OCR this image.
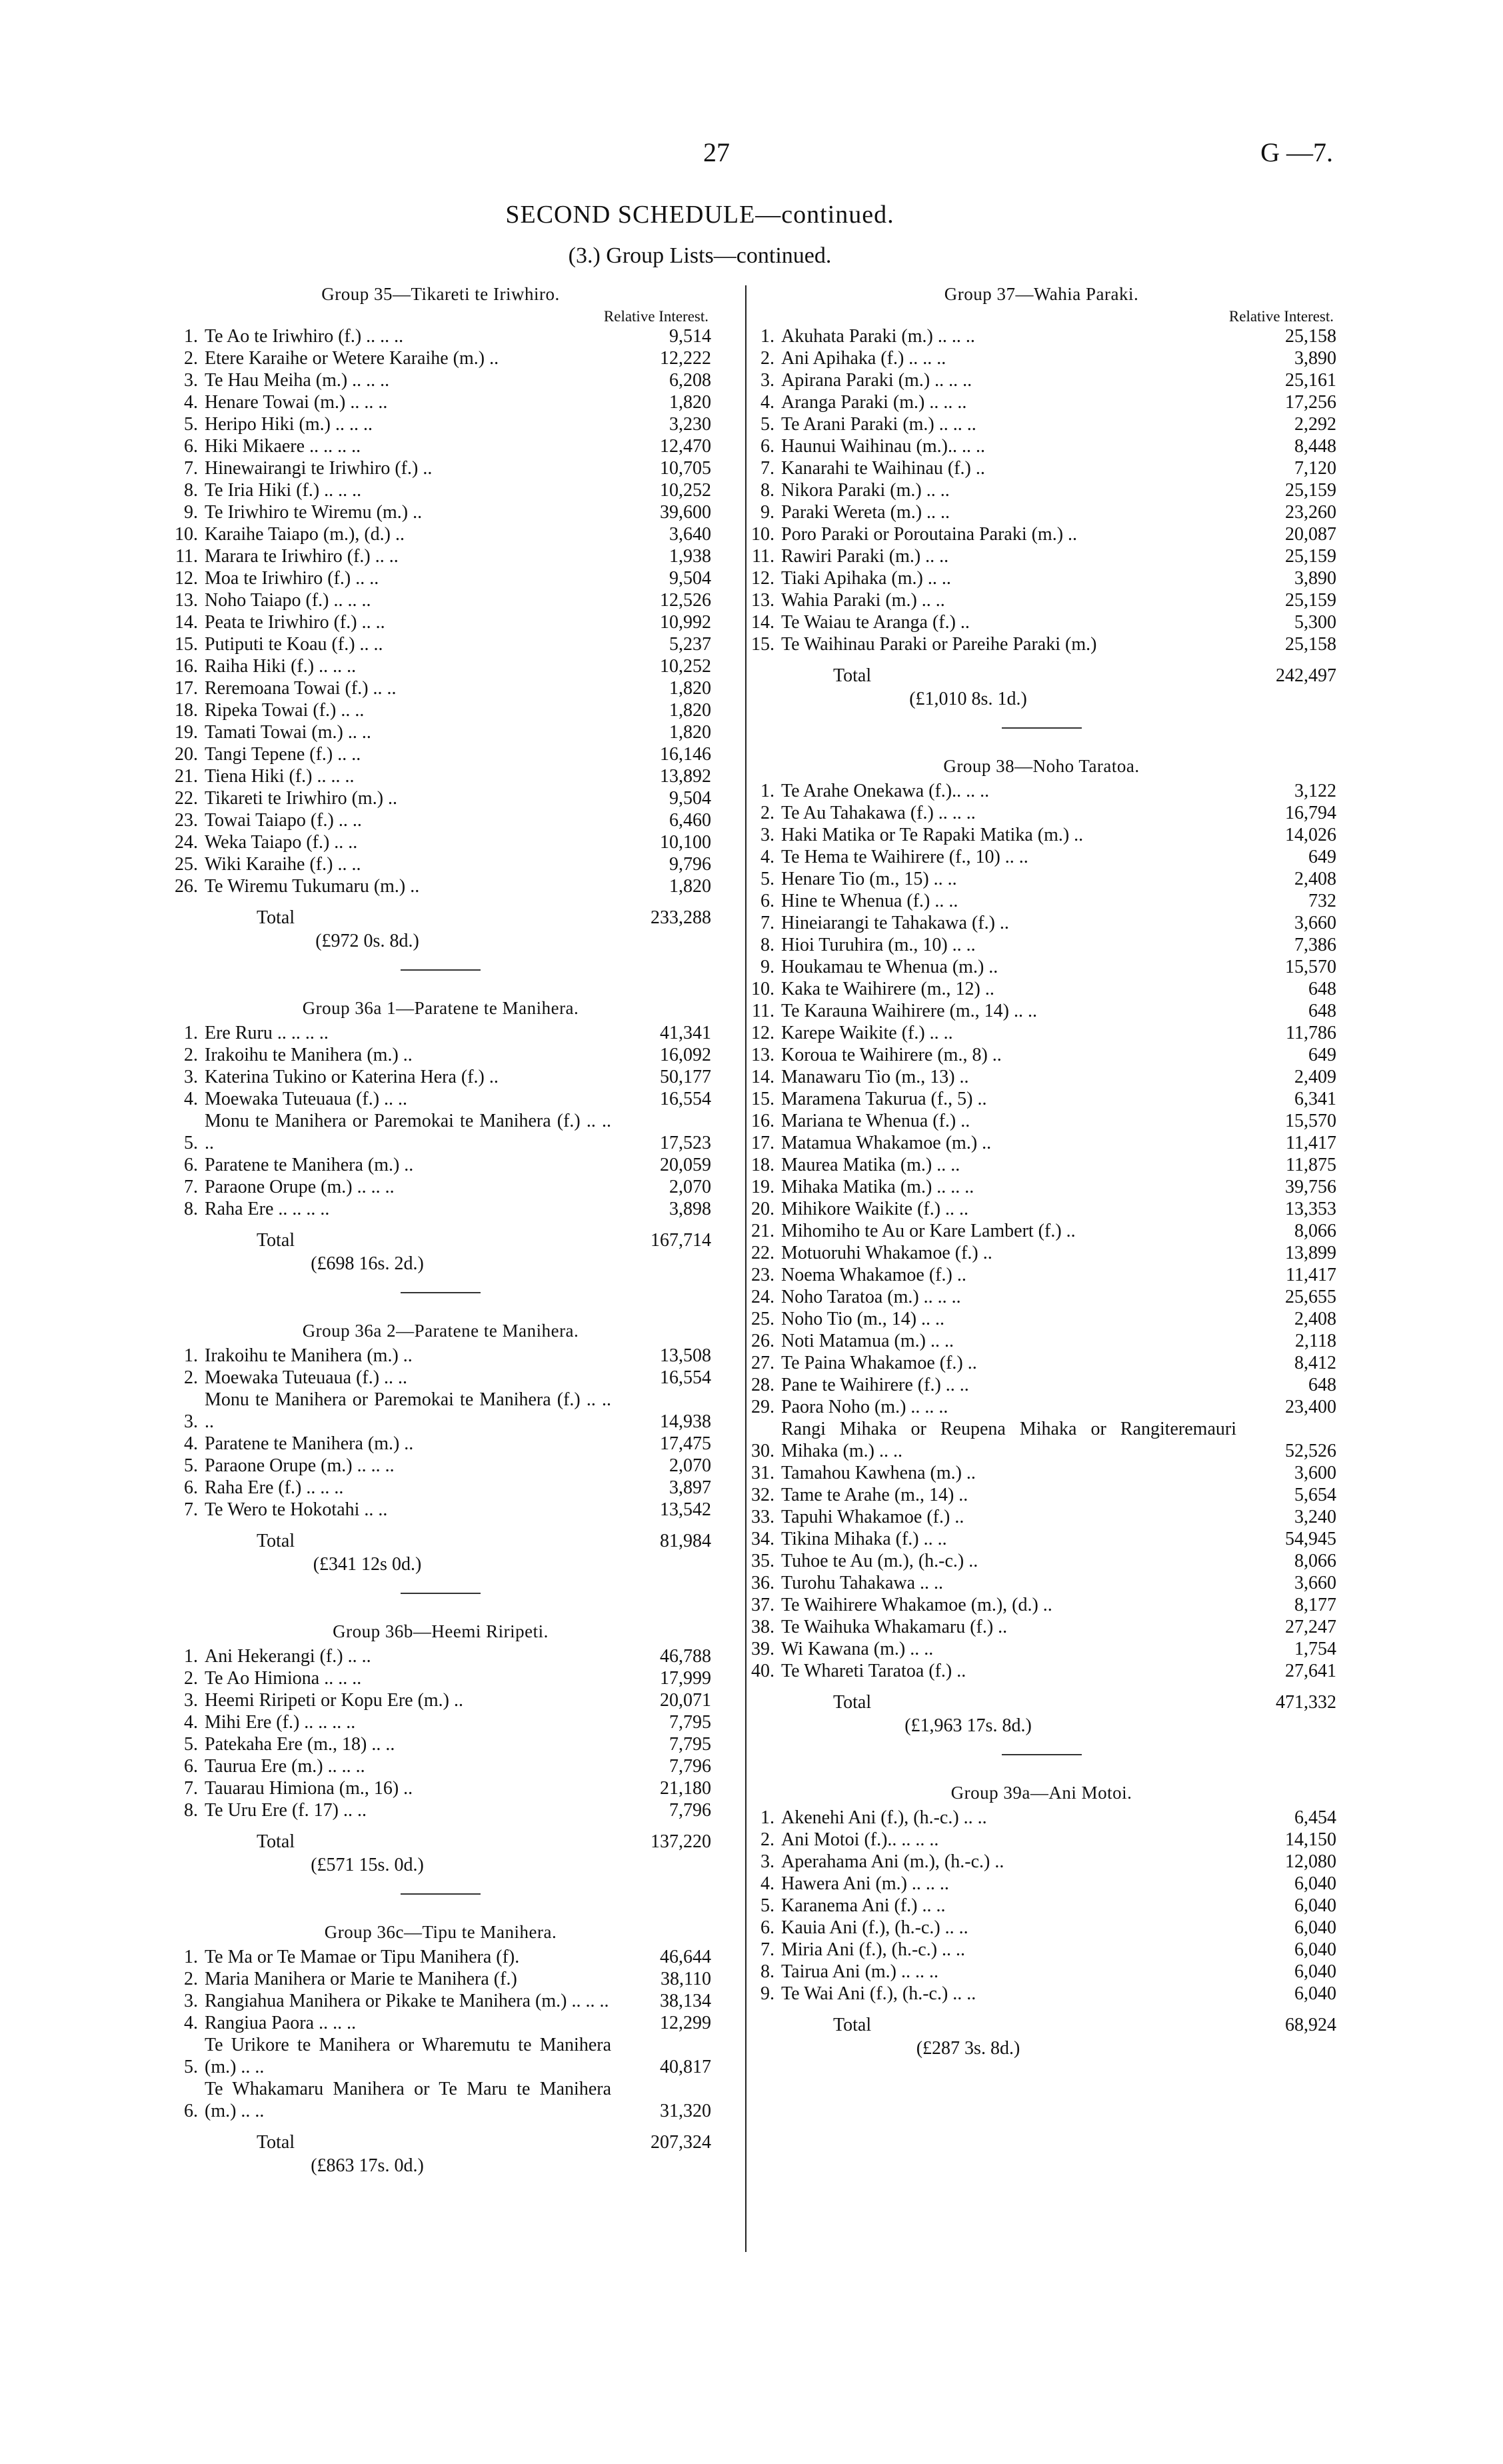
27	G —7.
SECOND SCHEDULE—continued.
(3.) Group Lists—continued.
Group 35—Tikareti te Iriwhiro.
Relative Interest.
1. Te Ao te Iriwhiro (f.) .. .. ..	9,514
2. Etere Karaihe or Wetere Karaihe (m.) ..	12,222
3. Te Hau Meiha (m.) .. .. ..	6,208
4. Henare Towai (m.) .. .. ..	1,820
5. Heripo Hiki (m.) .. .. ..	3,230
6. Hiki Mikaere .. .. .. ..	12,470
7. Hinewairangi te Iriwhiro (f.) ..	10,705
8. Te Iria Hiki (f.) .. .. ..	10,252
9. Te Iriwhiro te Wiremu (m.) ..	39,600
10. Karaihe Taiapo (m.), (d.) ..	3,640
11. Marara te Iriwhiro (f.) .. ..	1,938
12. Moa te Iriwhiro (f.) .. ..	9,504
13. Noho Taiapo (f.) .. .. ..	12,526
14. Peata te Iriwhiro (f.) .. ..	10,992
15. Putiputi te Koau (f.) .. ..	5,237
16. Raiha Hiki (f.) .. .. ..	10,252
17. Reremoana Towai (f.) .. ..	1,820
18. Ripeka Towai (f.) .. ..	1,820
19. Tamati Towai (m.) .. ..	1,820
20. Tangi Tepene (f.) .. ..	16,146
21. Tiena Hiki (f.) .. .. ..	13,892
22. Tikareti te Iriwhiro (m.) ..	9,504
23. Towai Taiapo (f.) .. ..	6,460
24. Weka Taiapo (f.) .. ..	10,100
25. Wiki Karaihe (f.) .. ..	9,796
26. Te Wiremu Tukumaru (m.) ..	1,820
Total	233,288
(£972 0s. 8d.)
Group 36a 1—Paratene te Manihera.
1. Ere Ruru .. .. .. ..	41,341
2. Irakoihu te Manihera (m.) ..	16,092
3. Katerina Tukino or Katerina Hera (f.) ..	50,177
4. Moewaka Tuteuaua (f.) .. ..	16,554
5.
Monu te Manihera or Paremokai te Manihera (f.) .. .. ..	17,523
6. Paratene te Manihera (m.) ..	20,059
7. Paraone Orupe (m.) .. .. ..	2,070
8. Raha Ere .. .. .. ..	3,898
Total	167,714
(£698 16s. 2d.)
Group 36a 2—Paratene te Manihera.
1. Irakoihu te Manihera (m.) ..	13,508
2. Moewaka Tuteuaua (f.) .. ..	16,554
3.
Monu te Manihera or Paremokai te Manihera (f.) .. .. ..	14,938
4. Paratene te Manihera (m.) ..	17,475
5. Paraone Orupe (m.) .. .. ..	2,070
6. Raha Ere (f.) .. .. ..	3,897
7. Te Wero te Hokotahi .. ..	13,542
Total	81,984
(£341 12s 0d.)
Group 36b—Heemi Riripeti.
1. Ani Hekerangi (f.) .. ..	46,788
2. Te Ao Himiona .. .. ..	17,999
3. Heemi Riripeti or Kopu Ere (m.) ..	20,071
4. Mihi Ere (f.) .. .. .. ..	7,795
5. Patekaha Ere (m., 18) .. ..	7,795
6. Taurua Ere (m.) .. .. ..	7,796
7. Tauarau Himiona (m., 16) ..	21,180
8. Te Uru Ere (f. 17) .. ..	7,796
Total	137,220
(£571 15s. 0d.)
Group 36c—Tipu te Manihera.
1. Te Ma or Te Mamae or Tipu Manihera (f).	46,644
2. Maria Manihera or Marie te Manihera (f.)	38,110
3. Rangiahua Manihera or Pikake te Manihera (m.) .. .. ..	38,134
4. Rangiua Paora .. .. ..	12,299
5.
Te Urikore te Manihera or Wharemutu te Manihera (m.) .. ..	40,817
6.
Te Whakamaru Manihera or Te Maru te Manihera (m.) .. ..	31,320
Total	207,324
(£863 17s. 0d.)
Group 37—Wahia Paraki.
Relative Interest.
1. Akuhata Paraki (m.) .. .. ..	25,158
2. Ani Apihaka (f.) .. .. ..	3,890
3. Apirana Paraki (m.) .. .. ..	25,161
4. Aranga Paraki (m.) .. .. ..	17,256
5. Te Arani Paraki (m.) .. .. ..	2,292
6. Haunui Waihinau (m.).. .. ..	8,448
7. Kanarahi te Waihinau (f.) ..	7,120
8. Nikora Paraki (m.) .. ..	25,159
9. Paraki Wereta (m.) .. ..	23,260
10. Poro Paraki or Poroutaina Paraki (m.) ..	20,087
11. Rawiri Paraki (m.) .. ..	25,159
12. Tiaki Apihaka (m.) .. ..	3,890
13. Wahia Paraki (m.) .. ..	25,159
14. Te Waiau te Aranga (f.) ..	5,300
15. Te Waihinau Paraki or Pareihe Paraki (m.)	25,158
Total	242,497
(£1,010 8s. 1d.)
Group 38—Noho Taratoa.
1. Te Arahe Onekawa (f.).. .. ..	3,122
2. Te Au Tahakawa (f.) .. .. ..	16,794
3. Haki Matika or Te Rapaki Matika (m.) ..	14,026
4. Te Hema te Waihirere (f., 10) .. ..	649
5. Henare Tio (m., 15) .. ..	2,408
6. Hine te Whenua (f.) .. ..	732
7. Hineiarangi te Tahakawa (f.) ..	3,660
8. Hioi Turuhira (m., 10) .. ..	7,386
9. Houkamau te Whenua (m.) ..	15,570
10. Kaka te Waihirere (m., 12) ..	648
11. Te Karauna Waihirere (m., 14) .. ..	648
12. Karepe Waikite (f.) .. ..	11,786
13. Koroua te Waihirere (m., 8) ..	649
14. Manawaru Tio (m., 13) ..	2,409
15. Maramena Takurua (f., 5) ..	6,341
16. Mariana te Whenua (f.) ..	15,570
17. Matamua Whakamoe (m.) ..	11,417
18. Maurea Matika (m.) .. ..	11,875
19. Mihaka Matika (m.) .. .. ..	39,756
20. Mihikore Waikite (f.) .. ..	13,353
21. Mihomiho te Au or Kare Lambert (f.) ..	8,066
22. Motuoruhi Whakamoe (f.) ..	13,899
23. Noema Whakamoe (f.) ..	11,417
24. Noho Taratoa (m.) .. .. ..	25,655
25. Noho Tio (m., 14) .. ..	2,408
26. Noti Matamua (m.) .. ..	2,118
27. Te Paina Whakamoe (f.) ..	8,412
28. Pane te Waihirere (f.) .. ..	648
29. Paora Noho (m.) .. .. ..	23,400
30.
Rangi Mihaka or Reupena Mihaka or Rangiteremauri Mihaka (m.) .. ..	52,526
31. Tamahou Kawhena (m.) ..	3,600
32. Tame te Arahe (m., 14) ..	5,654
33. Tapuhi Whakamoe (f.) ..	3,240
34. Tikina Mihaka (f.) .. ..	54,945
35. Tuhoe te Au (m.), (h.-c.) ..	8,066
36. Turohu Tahakawa .. ..	3,660
37. Te Waihirere Whakamoe (m.), (d.) ..	8,177
38. Te Waihuka Whakamaru (f.) ..	27,247
39. Wi Kawana (m.) .. ..	1,754
40. Te Whareti Taratoa (f.) ..	27,641
Total	471,332
(£1,963 17s. 8d.)
Group 39a—Ani Motoi.
1. Akenehi Ani (f.), (h.-c.) .. ..	6,454
2. Ani Motoi (f.).. .. .. ..	14,150
3. Aperahama Ani (m.), (h.-c.) ..	12,080
4. Hawera Ani (m.) .. .. ..	6,040
5. Karanema Ani (f.) .. ..	6,040
6. Kauia Ani (f.), (h.-c.) .. ..	6,040
7. Miria Ani (f.), (h.-c.) .. ..	6,040
8. Tairua Ani (m.) .. .. ..	6,040
9. Te Wai Ani (f.), (h.-c.) .. ..	6,040
Total	68,924
(£287 3s. 8d.)
